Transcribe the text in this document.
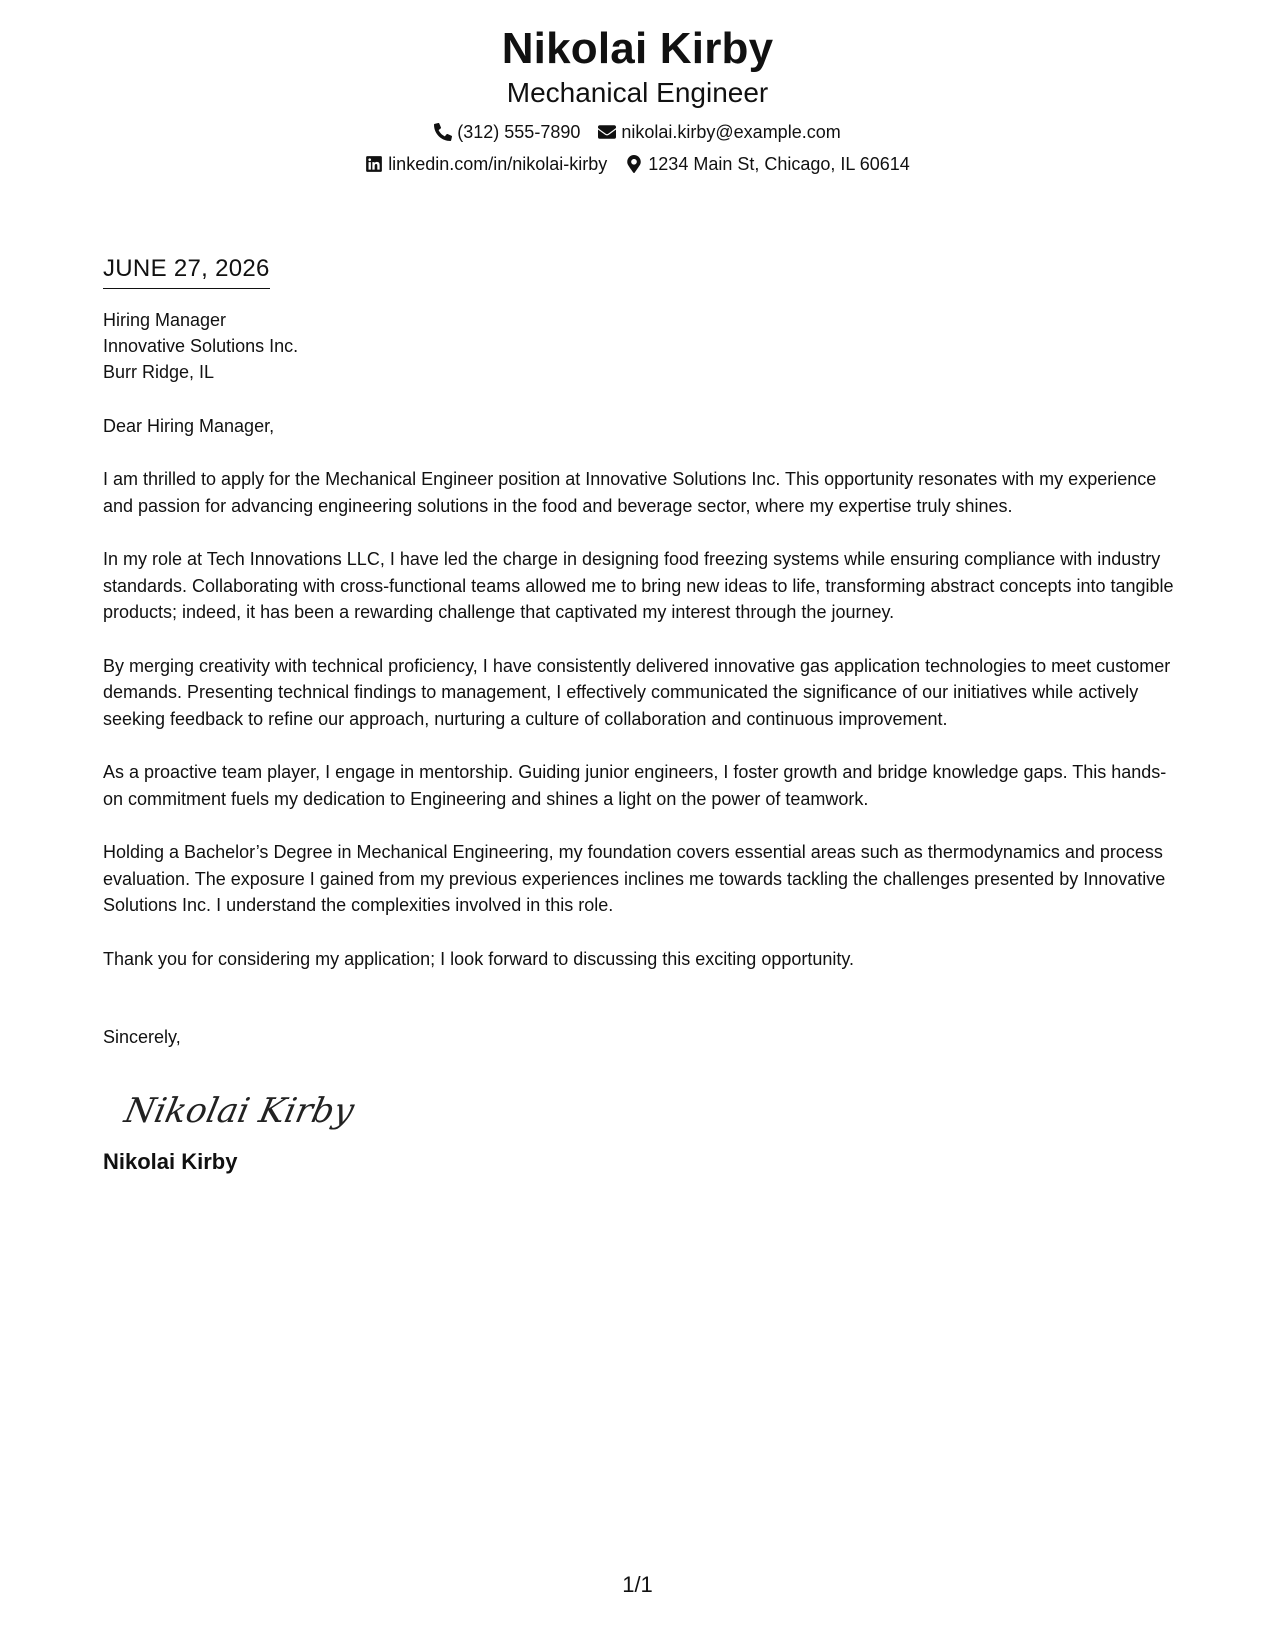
Nikolai Kirby
Mechanical Engineer
(312) 555-7890 nikolai.kirby@example.com
linkedin.com/in/nikolai-kirby 1234 Main St, Chicago, IL 60614
JUNE 27, 2026
Hiring Manager
Innovative Solutions Inc.
Burr Ridge, IL
Dear Hiring Manager,
I am thrilled to apply for the Mechanical Engineer position at Innovative Solutions Inc. This opportunity resonates with my experience and passion for advancing engineering solutions in the food and beverage sector, where my expertise truly shines.
In my role at Tech Innovations LLC, I have led the charge in designing food freezing systems while ensuring compliance with industry standards. Collaborating with cross-functional teams allowed me to bring new ideas to life, transforming abstract concepts into tangible products; indeed, it has been a rewarding challenge that captivated my interest through the journey.
By merging creativity with technical proficiency, I have consistently delivered innovative gas application technologies to meet customer demands. Presenting technical findings to management, I effectively communicated the significance of our initiatives while actively seeking feedback to refine our approach, nurturing a culture of collaboration and continuous improvement.
As a proactive team player, I engage in mentorship. Guiding junior engineers, I foster growth and bridge knowledge gaps. This hands-on commitment fuels my dedication to Engineering and shines a light on the power of teamwork.
Holding a Bachelor’s Degree in Mechanical Engineering, my foundation covers essential areas such as thermodynamics and process evaluation. The exposure I gained from my previous experiences inclines me towards tackling the challenges presented by Innovative Solutions Inc. I understand the complexities involved in this role.
Thank you for considering my application; I look forward to discussing this exciting opportunity.
Sincerely,
Nikolai Kirby
Nikolai Kirby
1/1
